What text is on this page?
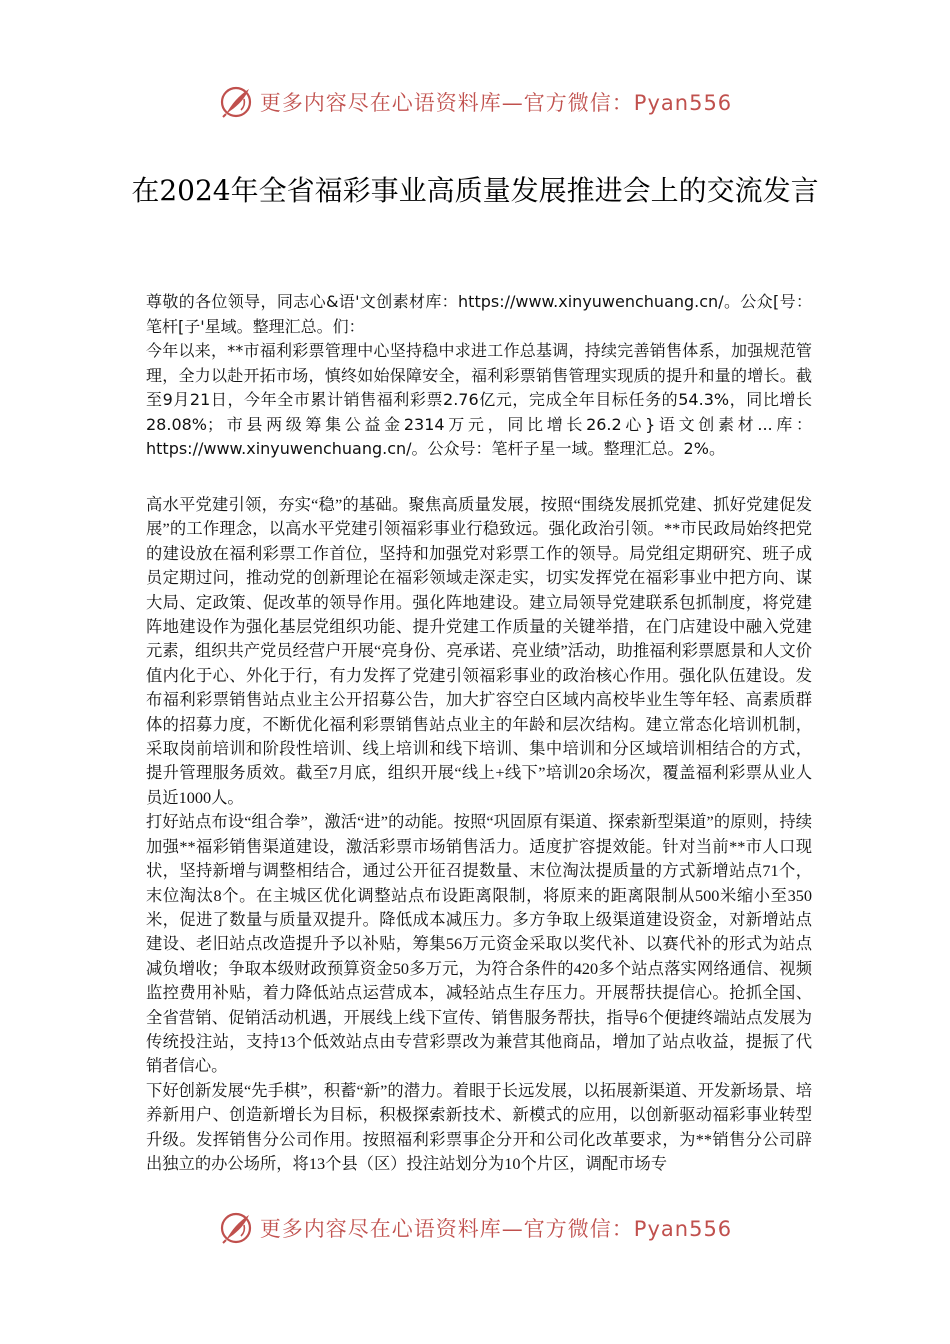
更多内容尽在心语资料库—官方微信：Pyan556
在2024年全省福彩事业高质量发展推进会上的交流发言

尊敬的各位领导，同志心&语'文创素材库：https://www.xinyuwenchuang.cn/。公众[号：笔杆[子'星域。整理汇总。们：

今年以来，**市福利彩票管理中心坚持稳中求进工作总基调，持续完善销售体系，加强规范管理，全力以赴开拓市场，慎终如始保障安全，福利彩票销售管理实现质的提升和量的增长。截至9月21日，今年全市累计销售福利彩票2.76亿元，完成全年目标任务的54.3%，同比增长28.08%；市县两级筹集公益金2314万元，同比增长26.2心}语文创素材...库：https://www.xinyuwenchuang.cn/。公众号：笔杆子星一域。整理汇总。2%。

高水平党建引领，夯实“稳”的基础。聚焦高质量发展，按照“围绕发展抓党建、抓好党建促发展”的工作理念，以高水平党建引领福彩事业行稳致远。强化政治引领。**市民政局始终把党的建设放在福利彩票工作首位，坚持和加强党对彩票工作的领导。局党组定期研究、班子成员定期过问，推动党的创新理论在福彩领域走深走实，切实发挥党在福彩事业中把方向、谋大局、定政策、促改革的领导作用。强化阵地建设。建立局领导党建联系包抓制度，将党建阵地建设作为强化基层党组织功能、提升党建工作质量的关键举措，在门店建设中融入党建元素，组织共产党员经营户开展“亮身份、亮承诺、亮业绩”活动，助推福利彩票愿景和人文价值内化于心、外化于行，有力发挥了党建引领福彩事业的政治核心作用。强化队伍建设。发布福利彩票销售站点业主公开招募公告，加大扩容空白区域内高校毕业生等年轻、高素质群体的招募力度，不断优化福利彩票销售站点业主的年龄和层次结构。建立常态化培训机制，采取岗前培训和阶段性培训、线上培训和线下培训、集中培训和分区域培训相结合的方式，提升管理服务质效。截至7月底，组织开展“线上+线下”培训20余场次，覆盖福利彩票从业人员近1000人。

打好站点布设“组合拳”，激活“进”的动能。按照“巩固原有渠道、探索新型渠道”的原则，持续加强**福彩销售渠道建设，激活彩票市场销售活力。适度扩容提效能。针对当前**市人口现状，坚持新增与调整相结合，通过公开征召提数量、末位淘汰提质量的方式新增站点71个，末位淘汰8个。在主城区优化调整站点布设距离限制，将原来的距离限制从500米缩小至350米，促进了数量与质量双提升。降低成本减压力。多方争取上级渠道建设资金，对新增站点建设、老旧站点改造提升予以补贴，筹集56万元资金采取以奖代补、以赛代补的形式为站点减负增收；争取本级财政预算资金50多万元，为符合条件的420多个站点落实网络通信、视频监控费用补贴，着力降低站点运营成本，减轻站点生存压力。开展帮扶提信心。抢抓全国、全省营销、促销活动机遇，开展线上线下宣传、销售服务帮扶，指导6个便捷终端站点发展为传统投注站，支持13个低效站点由专营彩票改为兼营其他商品，增加了站点收益，提振了代销者信心。

下好创新发展“先手棋”，积蓄“新”的潜力。着眼于长远发展，以拓展新渠道、开发新场景、培养新用户、创造新增长为目标，积极探索新技术、新模式的应用，以创新驱动福彩事业转型升级。发挥销售分公司作用。按照福利彩票事企分开和公司化改革要求，为**销售分公司辟出独立的办公场所，将13个县（区）投注站划分为10个片区，调配市场专

更多内容尽在心语资料库—官方微信：Pyan556
